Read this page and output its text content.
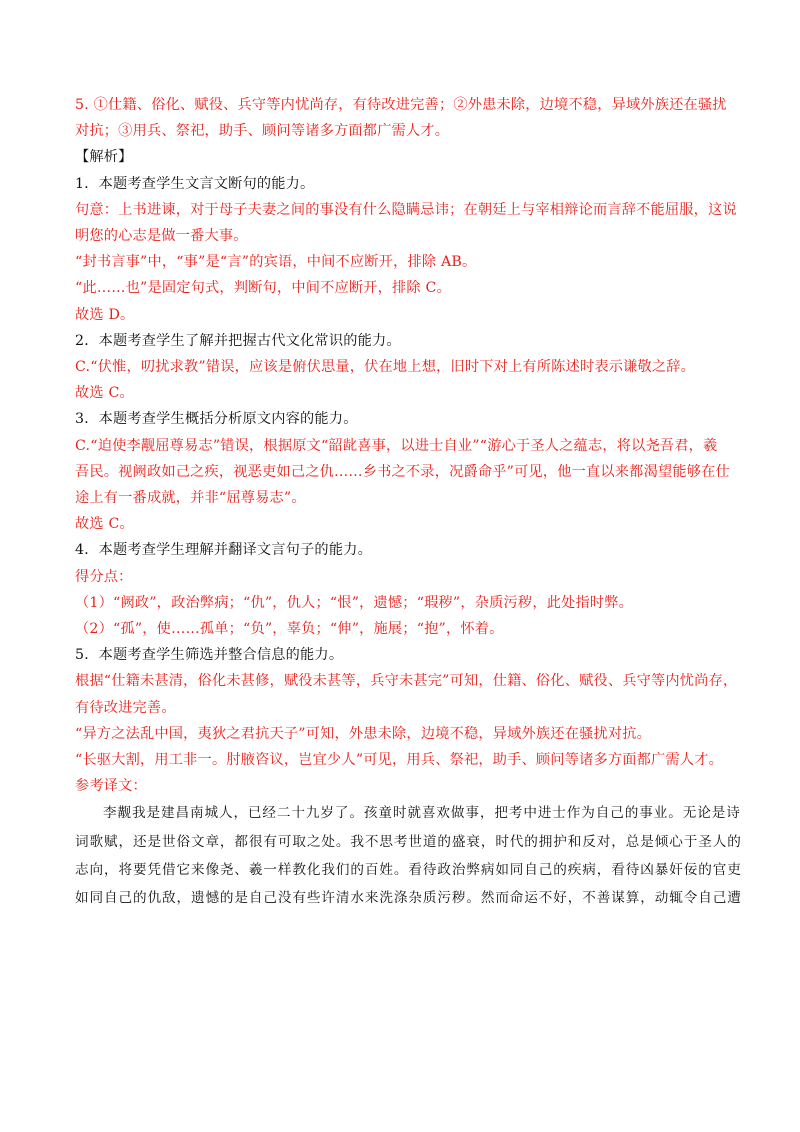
5. ①仕籍、俗化、赋役、兵守等内忧尚存，有待改进完善；②外患未除，边境不稳，异域外族还在骚扰

对抗；③用兵、祭祀，助手、顾问等诸多方面都广需人才。

【解析】

1．本题考查学生文言文断句的能力。

句意：上书进谏，对于母子夫妻之间的事没有什么隐瞒忌讳；在朝廷上与宰相辩论而言辞不能屈服，这说

明您的心志是做一番大事。

“封书言事”中，“事”是“言”的宾语，中间不应断开，排除 AB。

“此……也”是固定句式，判断句，中间不应断开，排除 C。

故选 D。

2．本题考查学生了解并把握古代文化常识的能力。

C.“伏惟，叨扰求教”错误，应该是俯伏思量，伏在地上想，旧时下对上有所陈述时表示谦敬之辞。

故选 C。

3．本题考查学生概括分析原文内容的能力。

C.“迫使李觏屈尊易志”错误，根据原文“韶龀喜事，以进士自业”“游心于圣人之蕴志，将以尧吾君，羲

吾民。视阙政如己之疾，视恶吏如己之仇……乡书之不录，况爵命乎”可见，他一直以来都渴望能够在仕

途上有一番成就，并非“屈尊易志”。

故选 C。

4．本题考查学生理解并翻译文言句子的能力。

得分点：

（1）“阙政”，政治弊病；“仇”，仇人；“恨”，遗憾；“瑕秽”，杂质污秽，此处指时弊。

（2）“孤”，使……孤单；“负”，辜负；“伸”，施展；“抱”，怀着。

5．本题考查学生筛选并整合信息的能力。

根据“仕籍未甚清，俗化未甚修，赋役未甚等，兵守未甚完”可知，仕籍、俗化、赋役、兵守等内忧尚存，

有待改进完善。

“异方之法乱中国，夷狄之君抗天子”可知，外患未除，边境不稳，异域外族还在骚扰对抗。

“长驱大割，用工非一。肘腋咨议，岂宜少人”可见，用兵、祭祀，助手、顾问等诸多方面都广需人才。

参考译文：

李觏我是建昌南城人，已经二十九岁了。孩童时就喜欢做事，把考中进士作为自己的事业。无论是诗

词歌赋，还是世俗文章，都很有可取之处。我不思考世道的盛衰，时代的拥护和反对，总是倾心于圣人的

志向，将要凭借它来像尧、羲一样教化我们的百姓。看待政治弊病如同自己的疾病，看待凶暴奸佞的官吏

如同自己的仇敌，遗憾的是自己没有些许清水来洗涤杂质污秽。然而命运不好，不善谋算，动辄令自己遭
